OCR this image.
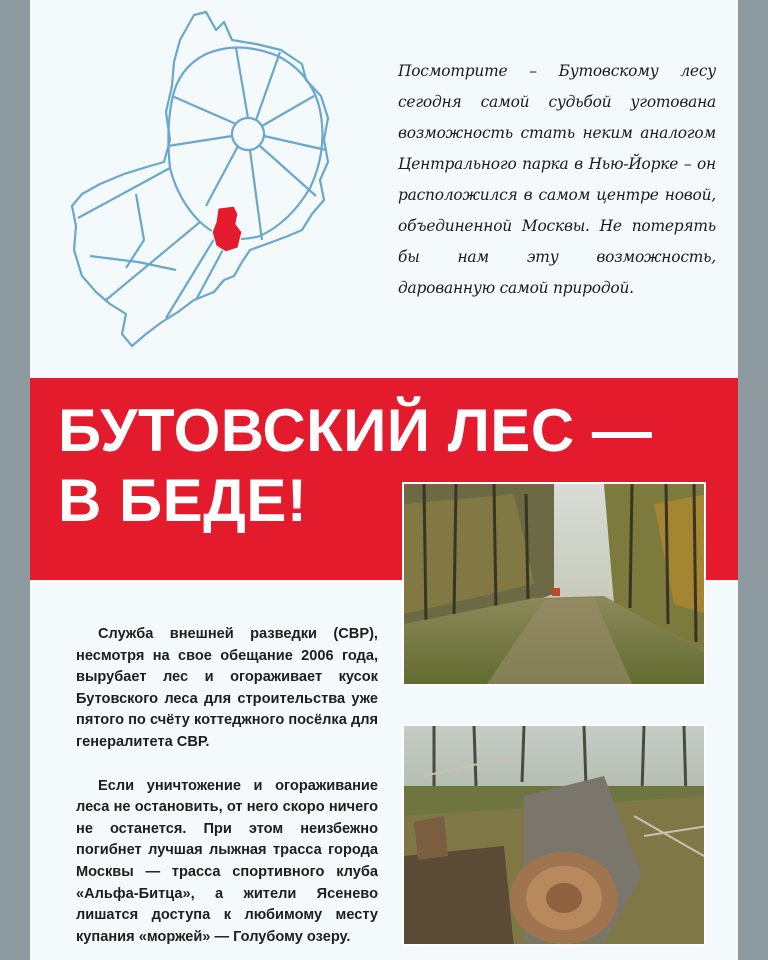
Посмотрите – Бутовскому лесу сегодня самой судьбой уготована возможность стать неким аналогом Центрального парка в Нью-Йорке – он расположился в самом центре новой, объединенной Москвы. Не потерять бы нам эту возможность, дарованную самой природой.
БУТОВСКИЙ ЛЕС —
В БЕДЕ!

Служба внешней разведки (СВР), несмотря на свое обещание 2006 года, вырубает лес и огораживает кусок Бутовского леса для строительства уже пятого по счёту коттеджного посёлка для генералитета СВР.

Если уничтожение и огораживание леса не остановить, от него скоро ничего не останется. При этом неизбежно погибнет лучшая лыжная трасса города Москвы — трасса спортивного клуба «Альфа-Битца», а жители Ясенево лишатся доступа к любимому месту купания «моржей» — Голубому озеру.
